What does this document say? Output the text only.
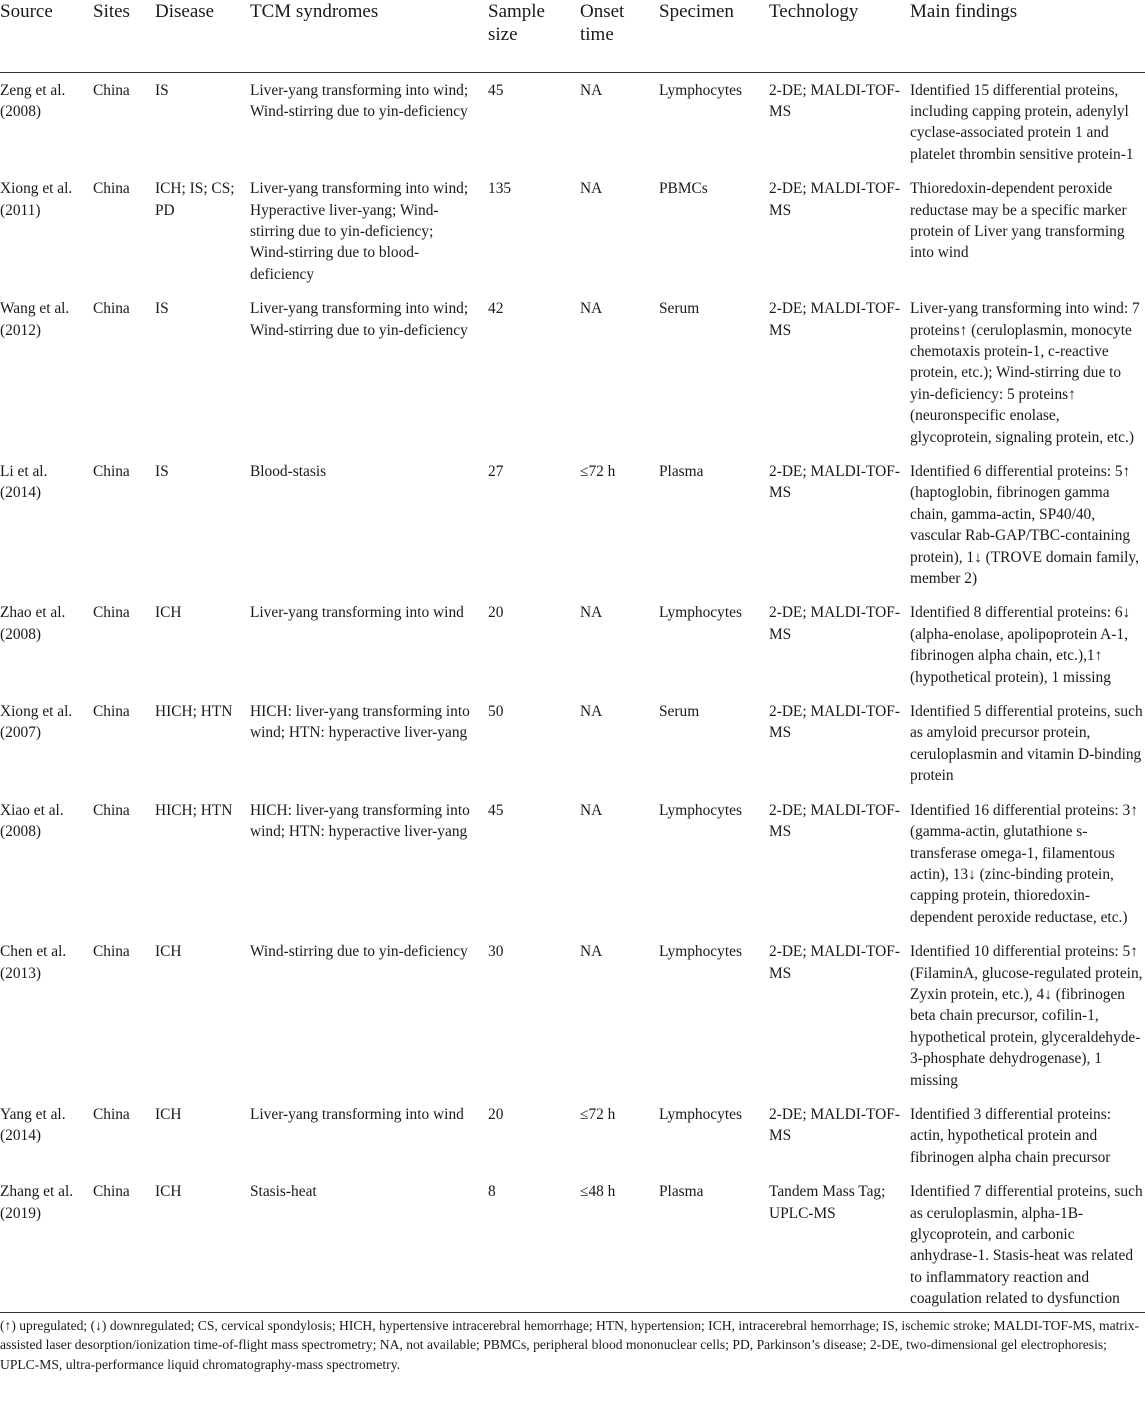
Source	Sites	Disease	TCM syndromes	Sample size	Onset time	Specimen	Technology	Main findings

Zeng et al. (2008)	China	IS	Liver-yang transforming into wind; Wind-stirring due to yin-deficiency	45	NA	Lymphocytes	2-DE; MALDI-TOF-MS	Identified 15 differential proteins, including capping protein, adenylyl cyclase-associated protein 1 and platelet thrombin sensitive protein-1
Xiong et al. (2011)	China	ICH; IS; CS; PD	Liver-yang transforming into wind; Hyperactive liver-yang; Wind-stirring due to yin-deficiency; Wind-stirring due to blood-deficiency	135	NA	PBMCs	2-DE; MALDI-TOF-MS	Thioredoxin-dependent peroxide reductase may be a specific marker protein of Liver yang transforming into wind
Wang et al. (2012)	China	IS	Liver-yang transforming into wind; Wind-stirring due to yin-deficiency	42	NA	Serum	2-DE; MALDI-TOF-MS	Liver-yang transforming into wind: 7 proteins↑ (ceruloplasmin, monocyte chemotaxis protein-1, c-reactive protein, etc.); Wind-stirring due to yin-deficiency: 5 proteins↑ (neuronspecific enolase, glycoprotein, signaling protein, etc.)
Li et al. (2014)	China	IS	Blood-stasis	27	≤72 h	Plasma	2-DE; MALDI-TOF-MS	Identified 6 differential proteins: 5↑ (haptoglobin, fibrinogen gamma chain, gamma-actin, SP40/40, vascular Rab-GAP/TBC-containing protein), 1↓ (TROVE domain family, member 2)
Zhao et al. (2008)	China	ICH	Liver-yang transforming into wind	20	NA	Lymphocytes	2-DE; MALDI-TOF-MS	Identified 8 differential proteins: 6↓ (alpha-enolase, apolipoprotein A-1, fibrinogen alpha chain, etc.),1↑ (hypothetical protein), 1 missing
Xiong et al. (2007)	China	HICH; HTN	HICH: liver-yang transforming into wind; HTN: hyperactive liver-yang	50	NA	Serum	2-DE; MALDI-TOF-MS	Identified 5 differential proteins, such as amyloid precursor protein, ceruloplasmin and vitamin D-binding protein
Xiao et al. (2008)	China	HICH; HTN	HICH: liver-yang transforming into wind; HTN: hyperactive liver-yang	45	NA	Lymphocytes	2-DE; MALDI-TOF-MS	Identified 16 differential proteins: 3↑ (gamma-actin, glutathione s-transferase omega-1, filamentous actin), 13↓ (zinc-binding protein, capping protein, thioredoxin-dependent peroxide reductase, etc.)
Chen et al. (2013)	China	ICH	Wind-stirring due to yin-deficiency	30	NA	Lymphocytes	2-DE; MALDI-TOF-MS	Identified 10 differential proteins: 5↑ (FilaminA, glucose-regulated protein, Zyxin protein, etc.), 4↓ (fibrinogen beta chain precursor, cofilin-1, hypothetical protein, glyceraldehyde-3-phosphate dehydrogenase), 1 missing
Yang et al. (2014)	China	ICH	Liver-yang transforming into wind	20	≤72 h	Lymphocytes	2-DE; MALDI-TOF-MS	Identified 3 differential proteins: actin, hypothetical protein and fibrinogen alpha chain precursor
Zhang et al. (2019)	China	ICH	Stasis-heat	8	≤48 h	Plasma	Tandem Mass Tag; UPLC-MS	Identified 7 differential proteins, such as ceruloplasmin, alpha-1B-glycoprotein, and carbonic anhydrase-1. Stasis-heat was related to inflammatory reaction and coagulation related to dysfunction
(↑) upregulated; (↓) downregulated; CS, cervical spondylosis; HICH, hypertensive intracerebral hemorrhage; HTN, hypertension; ICH, intracerebral hemorrhage; IS, ischemic stroke; MALDI-TOF-MS, matrix-assisted laser desorption/ionization time-of-flight mass spectrometry; NA, not available; PBMCs, peripheral blood mononuclear cells; PD, Parkinson’s disease; 2-DE, two-dimensional gel electrophoresis; UPLC-MS, ultra-performance liquid chromatography-mass spectrometry.
